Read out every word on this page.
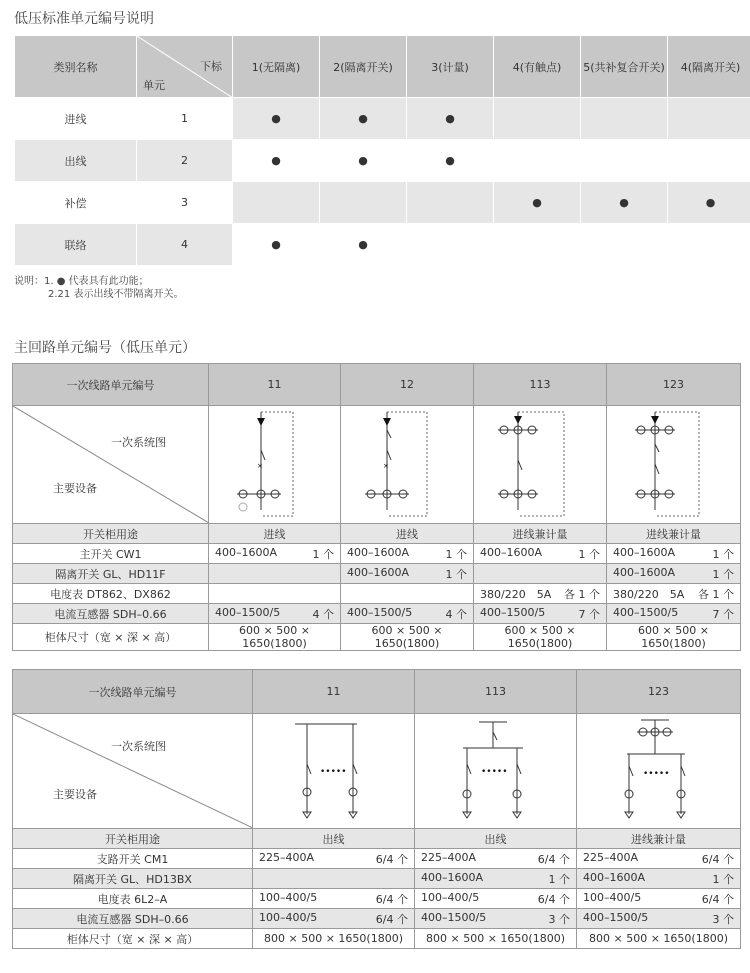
低压标准单元编号说明
类别名称	下标
单元	1(无隔离)	2(隔离开关)	3(计量)	4(有触点)	5(共补复合开关)	4(隔离开关)
进线	1	●	●	●			
出线	2	●	●	●			
补偿	3				●	●	●
联络	4	●	●				
说明：1. ● 代表具有此功能；
2.21 表示出线不带隔离开关。
主回路单元编号（低压单元）
一次线路单元编号	11	12	113	123

一次系统图
主要设备	×	×

开关柜用途	进线	进线	进线兼计量	进线兼计量

主开关 CW1	400–1600A 1 个	400–1600A 1 个	400–1600A 1 个	400–1600A 1 个

隔离开关 GL、HD11F		400–1600A 1 个		400–1600A 1 个

电度表 DT862、DX862			380/220　5A 各 1 个	380/220　5A 各 1 个

电流互感器 SDH–0.66	400–1500/5 4 个	400–1500/5 4 个	400–1500/5 7 个	400–1500/5 7 个

柜体尺寸（宽 × 深 × 高）	600 × 500 × 1650(1800)	600 × 500 × 1650(1800)	600 × 500 × 1650(1800)	600 × 500 × 1650(1800)
一次线路单元编号	11	113	123

一次系统图
主要设备	•••••	•••••	•••••

开关柜用途	出线	出线	进线兼计量

支路开关 CM1	225–400A 6/4 个	225–400A 6/4 个	225–400A 6/4 个

隔离开关 GL、HD13BX		400–1600A 1 个	400–1600A 1 个

电度表 6L2–A	100–400/5 6/4 个	100–400/5 6/4 个	100–400/5 6/4 个

电流互感器 SDH–0.66	100–400/5 6/4 个	400–1500/5 3 个	400–1500/5 3 个

柜体尺寸（宽 × 深 × 高）	800 × 500 × 1650(1800)	800 × 500 × 1650(1800)	800 × 500 × 1650(1800)
